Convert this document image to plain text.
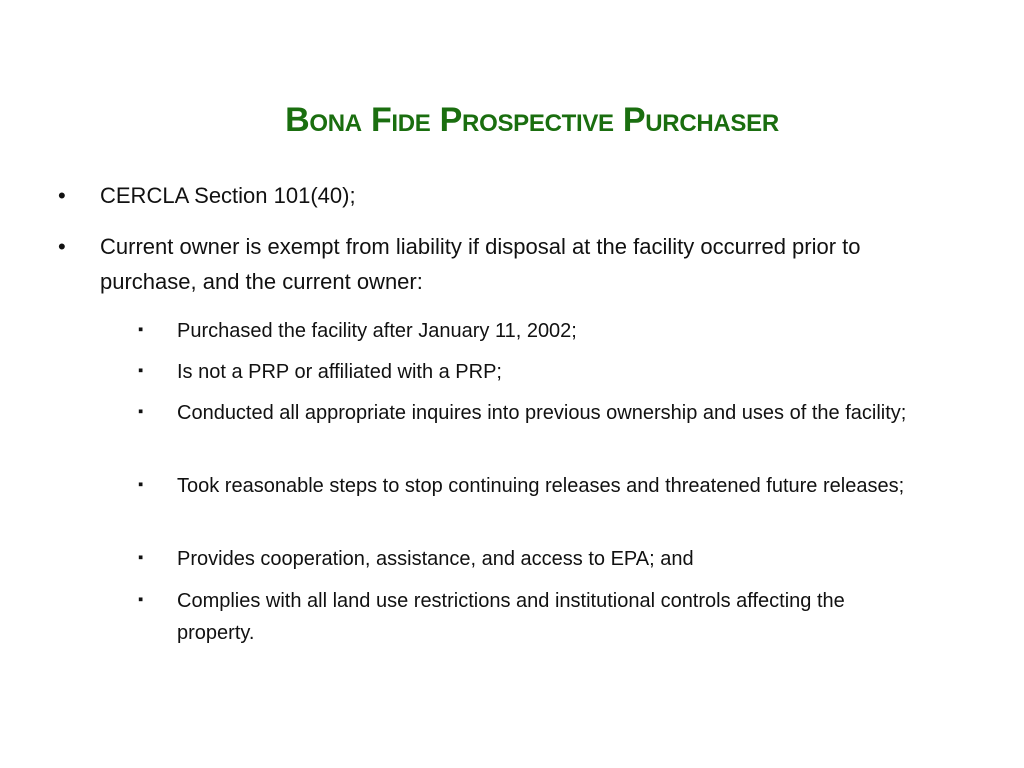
Bona Fide Prospective Purchaser
• CERCLA Section 101(40);
• Current owner is exempt from liability if disposal at the facility occurred prior to purchase, and the current owner:
▪ Purchased the facility after January 11, 2002;
▪ Is not a PRP or affiliated with a PRP;
▪ Conducted all appropriate inquires into previous ownership and uses of the facility;
▪ Took reasonable steps to stop continuing releases and threatened future releases;
▪ Provides cooperation, assistance, and access to EPA; and
▪ Complies with all land use restrictions and institutional controls affecting the property.
